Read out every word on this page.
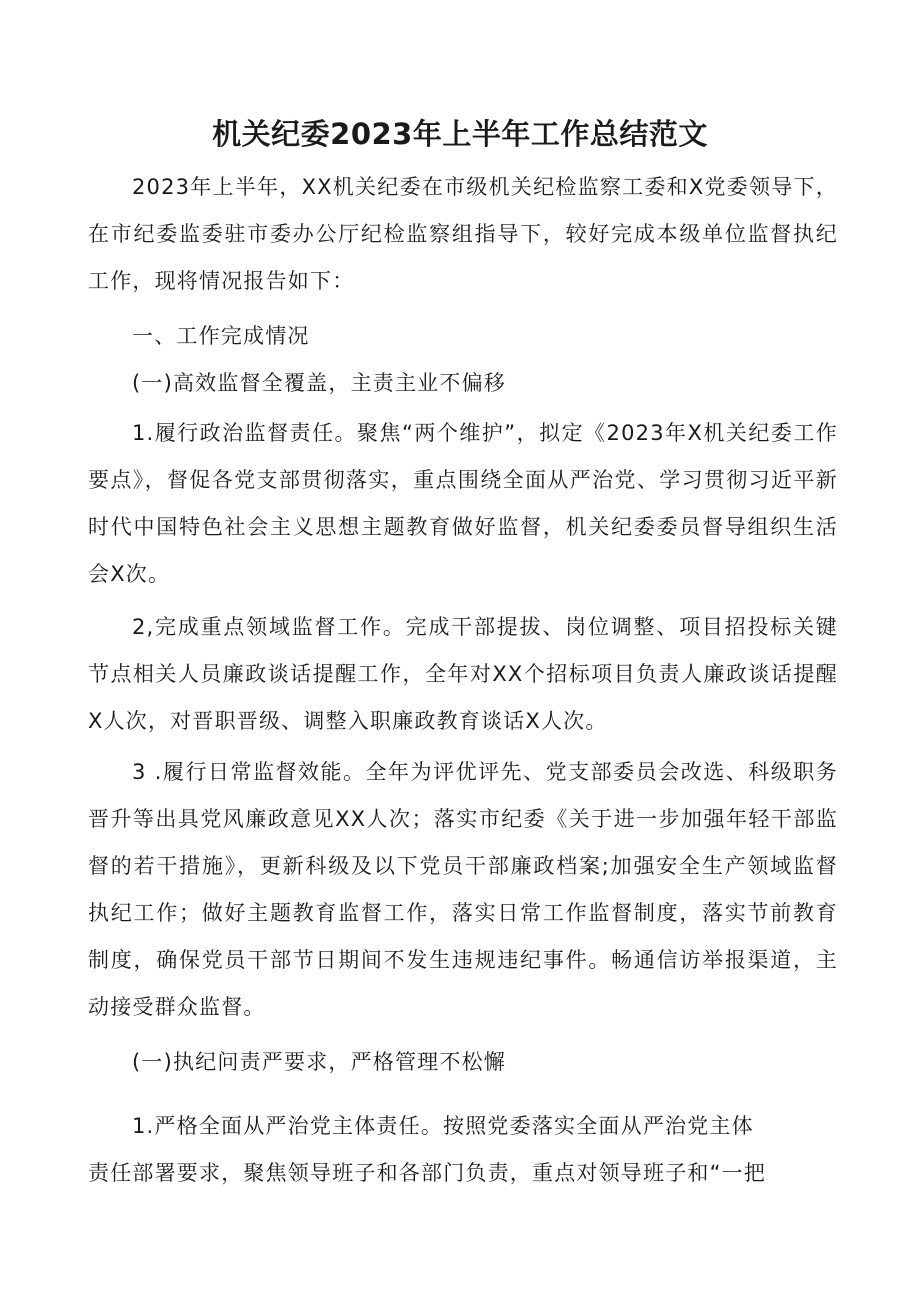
机关纪委2023年上半年工作总结范文

2023年上半年，XX机关纪委在市级机关纪检监察工委和X党委领导下，在市纪委监委驻市委办公厅纪检监察组指导下，较好完成本级单位监督执纪工作，现将情况报告如下：

一、工作完成情况

(一)高效监督全覆盖，主责主业不偏移

1.履行政治监督责任。聚焦“两个维护”，拟定《2023年X机关纪委工作要点》，督促各党支部贯彻落实，重点围绕全面从严治党、学习贯彻习近平新时代中国特色社会主义思想主题教育做好监督，机关纪委委员督导组织生活会X次。

2,完成重点领域监督工作。完成干部提拔、岗位调整、项目招投标关键节点相关人员廉政谈话提醒工作，全年对XX个招标项目负责人廉政谈话提醒X人次，对晋职晋级、调整入职廉政教育谈话X人次。

3 .履行日常监督效能。全年为评优评先、党支部委员会改选、科级职务晋升等出具党风廉政意见XX人次；落实市纪委《关于进一步加强年轻干部监督的若干措施》，更新科级及以下党员干部廉政档案;加强安全生产领域监督执纪工作；做好主题教育监督工作，落实日常工作监督制度，落实节前教育制度，确保党员干部节日期间不发生违规违纪事件。畅通信访举报渠道，主动接受群众监督。

(一)执纪问责严要求，严格管理不松懈

1.严格全面从严治党主体责任。按照党委落实全面从严治党主体

责任部署要求，聚焦领导班子和各部门负责，重点对领导班子和“一把
